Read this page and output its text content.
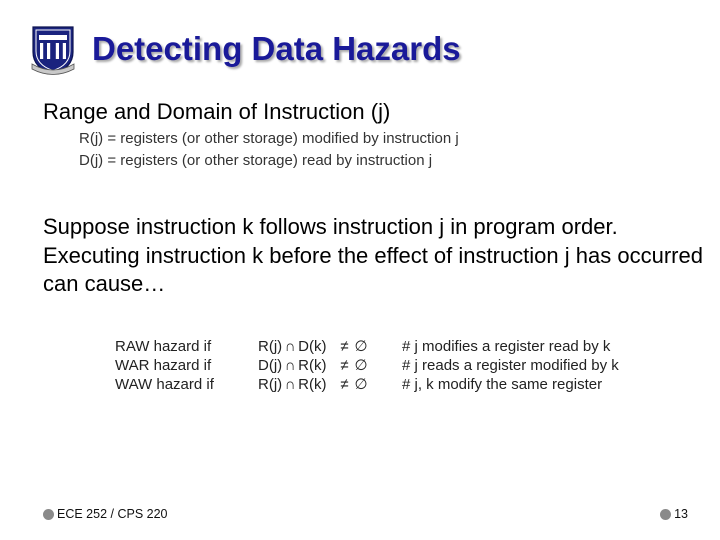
Detecting Data Hazards
Range and Domain of Instruction (j)
R(j) = registers (or other storage) modified by instruction j
D(j) = registers (or other storage) read by instruction j
Suppose instruction k follows instruction j in program order. Executing instruction k before the effect of instruction j has occurred can cause…
RAW hazard if
WAR hazard if
WAW hazard if
R(j) ∩ D(k) ≠ ∅
D(j) ∩ R(k) ≠ ∅
R(j) ∩ R(k) ≠ ∅
# j modifies a register read by k
# j reads a register modified by k
# j, k modify the same register
ECE 252 / CPS 220	13
